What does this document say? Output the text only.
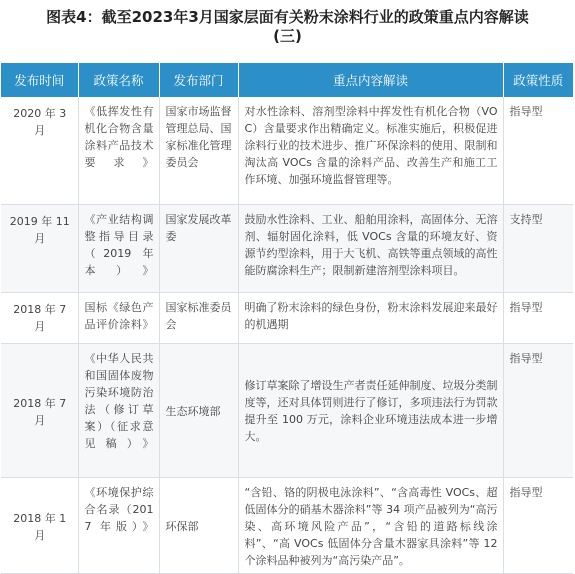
图表4：截至2023年3月国家层面有关粉末涂料行业的政策重点内容解读
(三)
发布时间	政策名称	发布部门	重点内容解读	政策性质
2020 年 3 月	《低挥发性有机化合物含量涂料产品技术要求》	国家市场监督管理总局、国家标准化管理委员会	对水性涂料、溶剂型涂料中挥发性有机化合物（VOC）含量要求作出精确定义。标准实施后，积极促进涂料行业的技术进步、推广环保涂料的使用、限制和淘汰高 VOCs 含量的涂料产品、改善生产和施工工作环境、加强环境监督管理等。	指导型
2019 年 11 月	《产业结构调整指导目录（2019 年本）》	国家发展改革委	鼓励水性涂料、工业、船舶用涂料，高固体分、无溶剂、辐射固化涂料，低 VOCs 含量的环境友好、资源节约型涂料，用于大飞机、高铁等重点领域的高性能防腐涂料生产；限制新建溶剂型涂料项目。	支持型
2018 年 7 月	国标《绿色产品评价涂料》	国家标准委员会	明确了粉末涂料的绿色身份，粉末涂料发展迎来最好的机遇期	指导型
2018 年 7 月	《中华人民共和国固体废物污染环境防治法（修订草案）（征求意见稿）》	生态环境部	修订草案除了增设生产者责任延伸制度、垃圾分类制度等，还对具体罚则进行了修订，多项违法行为罚款提升至 100 万元，涂料企业环境违法成本进一步增大。	指导型
2018 年 1 月	《环境保护综合名录（2017 年版）》	环保部	“含铅、铬的阴极电泳涂料”、“含高毒性 VOCs、超低固体分的硝基木器涂料”等 34 项产品被列为“高污染、高环境风险产品”，“含铅的道路标线涂料”、“高 VOCs 低固体分含量木器家具涂料”等 12 个涂料品种被列为“高污染产品”。	指导型
